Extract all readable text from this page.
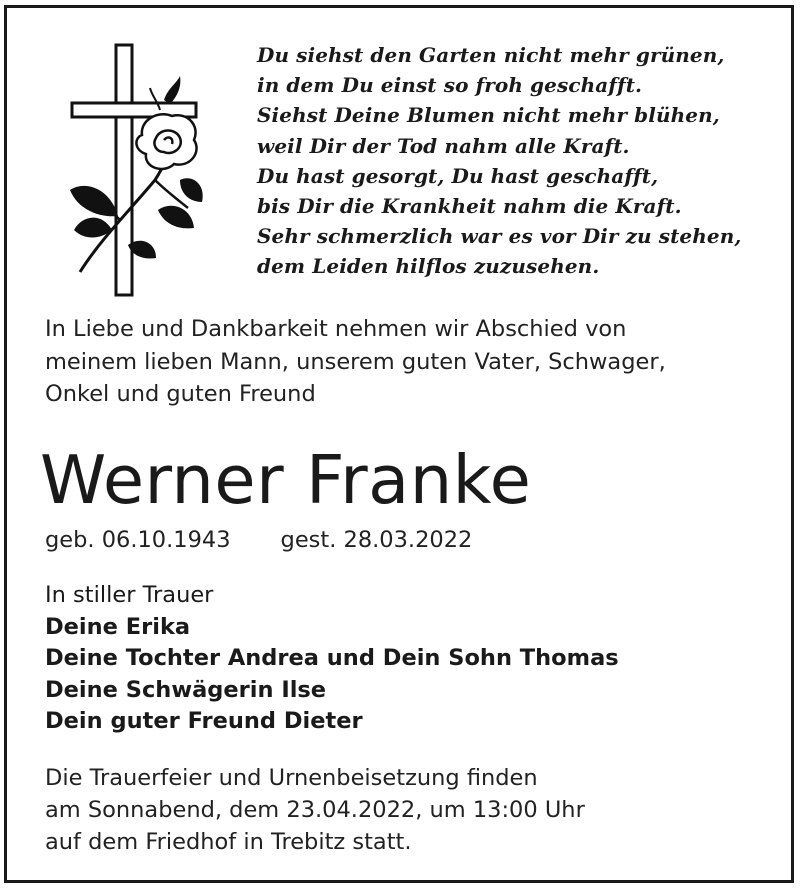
Du siehst den Garten nicht mehr grünen,
in dem Du einst so froh geschafft.
Siehst Deine Blumen nicht mehr blühen,
weil Dir der Tod nahm alle Kraft.
Du hast gesorgt, Du hast geschafft,
bis Dir die Krankheit nahm die Kraft.
Sehr schmerzlich war es vor Dir zu stehen,
dem Leiden hilflos zuzusehen.
In Liebe und Dankbarkeit nehmen wir Abschied von
meinem lieben Mann, unserem guten Vater, Schwager,
Onkel und guten Freund
Werner Franke
geb. 06.10.1943 gest. 28.03.2022
In stiller Trauer
Deine Erika
Deine Tochter Andrea und Dein Sohn Thomas
Deine Schwägerin Ilse
Dein guter Freund Dieter
Die Trauerfeier und Urnenbeisetzung finden
am Sonnabend, dem 23.04.2022, um 13:00 Uhr
auf dem Friedhof in Trebitz statt.
